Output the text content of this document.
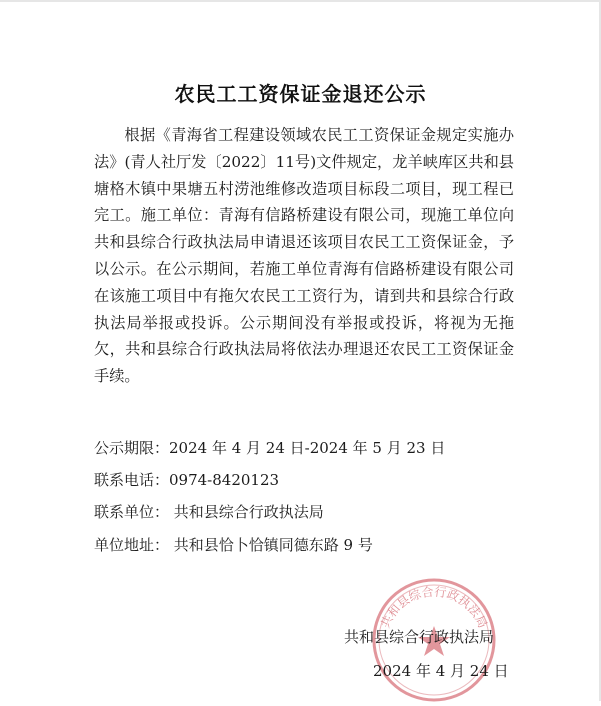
农民工工资保证金退还公示
根据《青海省工程建设领域农民工工资保证金规定实施办法》(青人社厅发〔2022〕11号)文件规定，龙羊峡库区共和县塘格木镇中果塘五村涝池维修改造项目标段二项目，现工程已完工。施工单位：青海有信路桥建设有限公司，现施工单位向共和县综合行政执法局申请退还该项目农民工工资保证金，予以公示。在公示期间，若施工单位青海有信路桥建设有限公司在该施工项目中有拖欠农民工工资行为，请到共和县综合行政执法局举报或投诉。公示期间没有举报或投诉，将视为无拖欠，共和县综合行政执法局将依法办理退还农民工工资保证金手续。
公示期限：2024 年 4 月 24 日-2024 年 5 月 23 日
联系电话：0974-8420123
联系单位： 共和县综合行政执法局
单位地址： 共和县恰卜恰镇同德东路 9 号
共和县综合行政执法局
共和县综合行政执法局
2024 年 4 月 24 日
